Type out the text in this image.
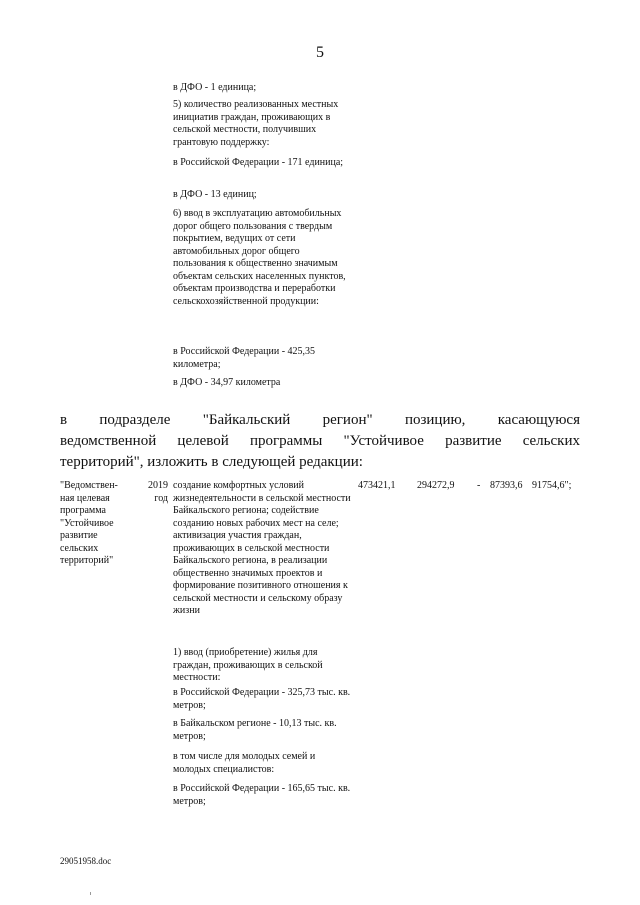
5
в ДФО - 1 единица;
5) количество реализованных местных инициатив граждан, проживающих в сельской местности, получивших грантовую поддержку:
в Российской Федерации - 171 единица;
в ДФО - 13 единиц;
6) ввод в эксплуатацию автомобильных дорог общего пользования с твердым покрытием, ведущих от сети автомобильных дорог общего пользования к общественно значимым объектам сельских населенных пунктов, объектам производства и переработки сельскохозяйственной продукции:
в Российской Федерации - 425,35 километра;
в ДФО - 34,97 километра
в подразделе "Байкальский регион" позицию, касающуюся
ведомственной целевой программы "Устойчивое развитие сельских
территорий", изложить в следующей редакции:
"Ведомствен-
ная целевая
программа
"Устойчивое
развитие
сельских
территорий"
2019
год
создание комфортных условий жизнедеятельности в сельской местности Байкальского региона; содействие созданию новых рабочих мест на селе; активизация участия граждан, проживающих в сельской местности Байкальского региона, в реализации общественно значимых проектов и формирование позитивного отношения к сельской местности и сельскому образу жизни
1) ввод (приобретение) жилья для граждан, проживающих в сельской местности:
в Российской Федерации - 325,73 тыс. кв. метров;
в Байкальском регионе - 10,13 тыс. кв. метров;
в том числе для молодых семей и молодых специалистов:
в Российской Федерации - 165,65 тыс. кв. метров;
473421,1 294272,9 - 87393,6 91754,6";
29051958.doc
